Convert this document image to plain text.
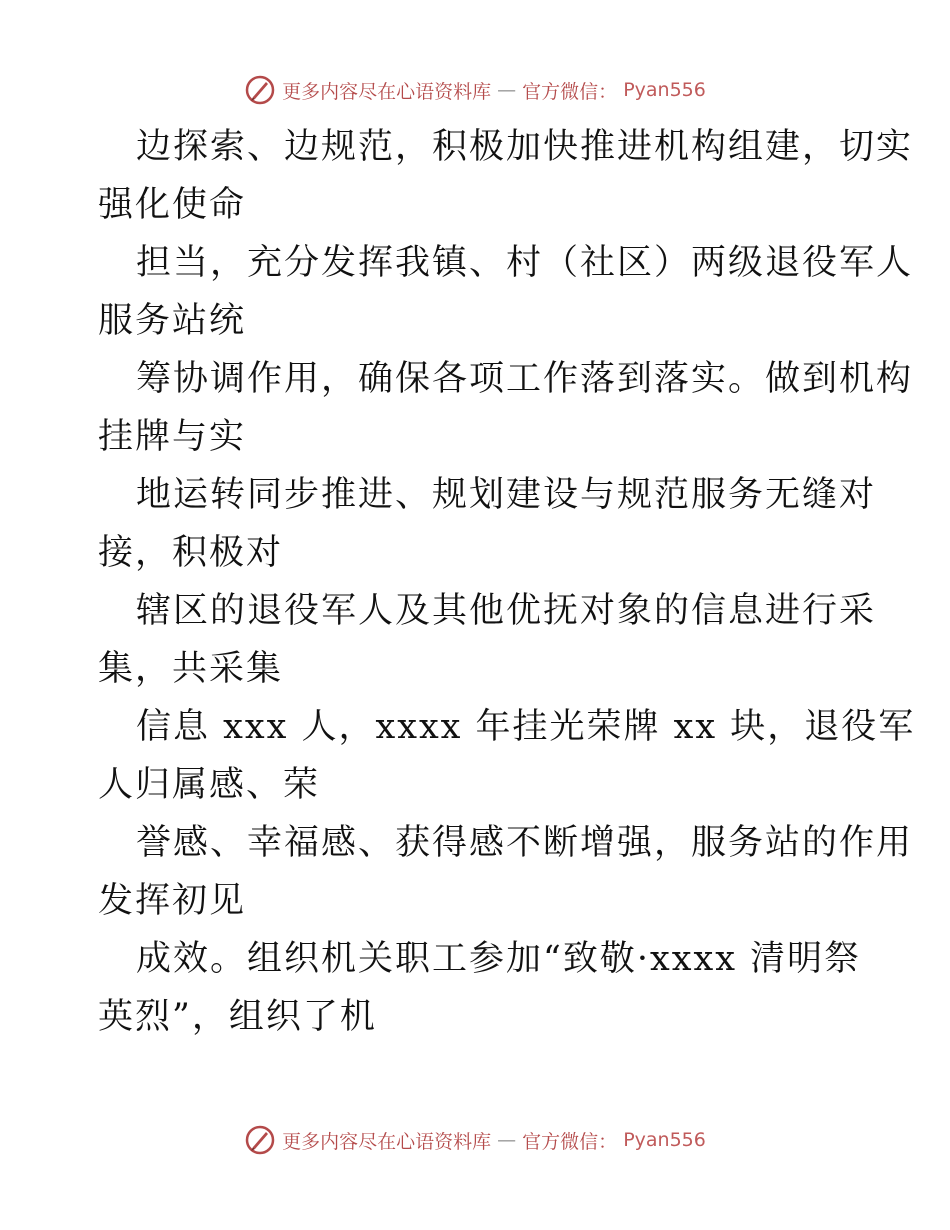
更多内容尽在心语资料库 — 官方微信： Pyan556

边探索、边规范，积极加快推进机构组建，切实
强化使命

担当，充分发挥我镇、村（社区）两级退役军人
服务站统

筹协调作用，确保各项工作落到落实。做到机构
挂牌与实

地运转同步推进、规划建设与规范服务无缝对
接，积极对

辖区的退役军人及其他优抚对象的信息进行采
集，共采集

信息 xxx 人，xxxx 年挂光荣牌 xx 块，退役军
人归属感、荣

誉感、幸福感、获得感不断增强，服务站的作用
发挥初见

成效。组织机关职工参加“致敬·xxxx 清明祭
英烈”，组织了机

更多内容尽在心语资料库 — 官方微信： Pyan556
